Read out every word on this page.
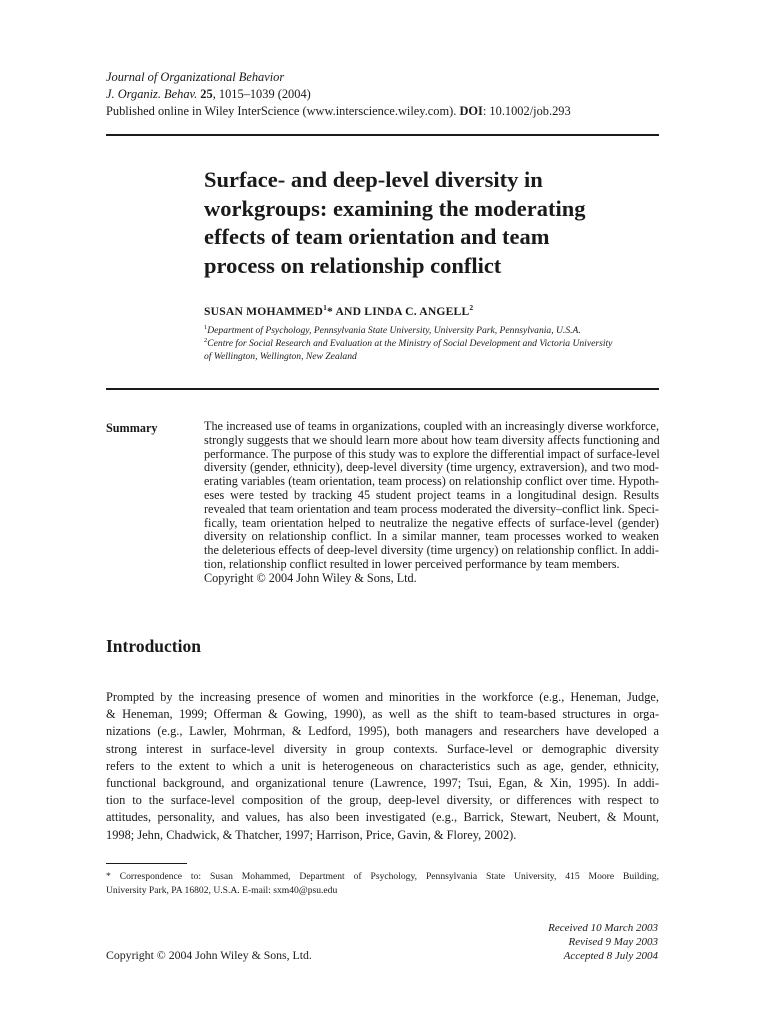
Journal of Organizational Behavior
J. Organiz. Behav. 25, 1015–1039 (2004)
Published online in Wiley InterScience (www.interscience.wiley.com). DOI: 10.1002/job.293
Surface- and deep-level diversity in
workgroups: examining the moderating
effects of team orientation and team
process on relationship conflict
SUSAN MOHAMMED$^1$* AND LINDA C. ANGELL$^2$
$^1$Department of Psychology, Pennsylvania State University, University Park, Pennsylvania, U.S.A.
$^2$Centre for Social Research and Evaluation at the Ministry of Social Development and Victoria University
of Wellington, Wellington, New Zealand
Summary	The increased use of teams in organizations, coupled with an increasingly diverse workforce,
strongly suggests that we should learn more about how team diversity affects functioning and
performance. The purpose of this study was to explore the differential impact of surface-level
diversity (gender, ethnicity), deep-level diversity (time urgency, extraversion), and two mod-
erating variables (team orientation, team process) on relationship conflict over time. Hypoth-
eses were tested by tracking 45 student project teams in a longitudinal design. Results
revealed that team orientation and team process moderated the diversity–conflict link. Speci-
fically, team orientation helped to neutralize the negative effects of surface-level (gender)
diversity on relationship conflict. In a similar manner, team processes worked to weaken
the deleterious effects of deep-level diversity (time urgency) on relationship conflict. In addi-
tion, relationship conflict resulted in lower perceived performance by team members.
Copyright © 2004 John Wiley & Sons, Ltd.
Introduction
Prompted by the increasing presence of women and minorities in the workforce (e.g., Heneman, Judge,
& Heneman, 1999; Offerman & Gowing, 1990), as well as the shift to team-based structures in orga-
nizations (e.g., Lawler, Mohrman, & Ledford, 1995), both managers and researchers have developed a
strong interest in surface-level diversity in group contexts. Surface-level or demographic diversity
refers to the extent to which a unit is heterogeneous on characteristics such as age, gender, ethnicity,
functional background, and organizational tenure (Lawrence, 1997; Tsui, Egan, & Xin, 1995). In addi-
tion to the surface-level composition of the group, deep-level diversity, or differences with respect to
attitudes, personality, and values, has also been investigated (e.g., Barrick, Stewart, Neubert, & Mount,
1998; Jehn, Chadwick, & Thatcher, 1997; Harrison, Price, Gavin, & Florey, 2002).
* Correspondence to: Susan Mohammed, Department of Psychology, Pennsylvania State University, 415 Moore Building,
University Park, PA 16802, U.S.A. E-mail: sxm40@psu.edu
Received 10 March 2003
Revised 9 May 2003
Accepted 8 July 2004
Copyright © 2004 John Wiley & Sons, Ltd.
